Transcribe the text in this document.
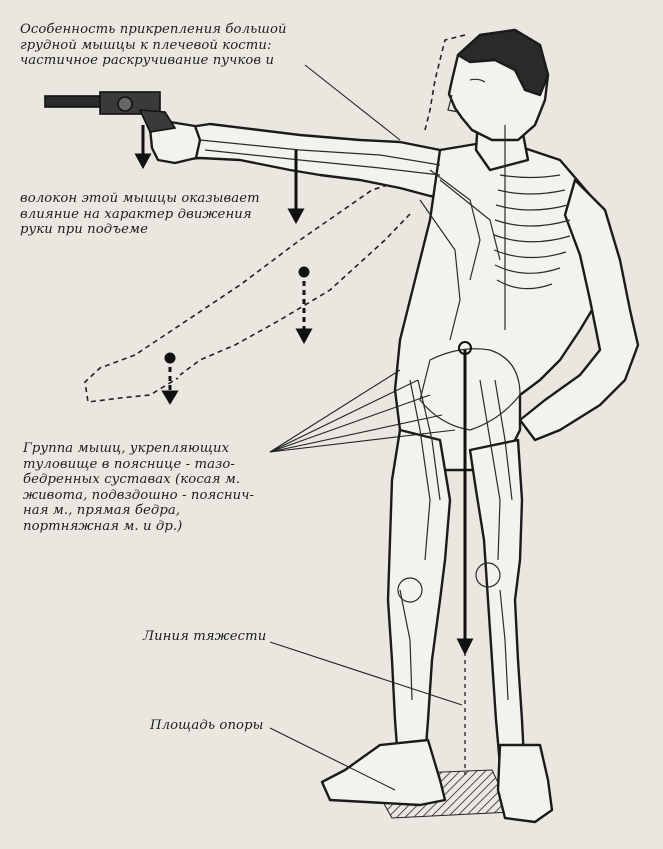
Особенность прикрепления большой
грудной мышцы к плечевой кости:
частичное раскручивание пучков и
волокон этой мышцы оказывает
влияние на характер движения
руки при подъеме
Группа мышц, укрепляющих
туловище в пояснице - тазо-
бедренных суставах (косая м.
живота, подвздошно - пояснич-
ная м., прямая бедра,
портняжная м. и др.)
Линия тяжести
Площадь опоры
